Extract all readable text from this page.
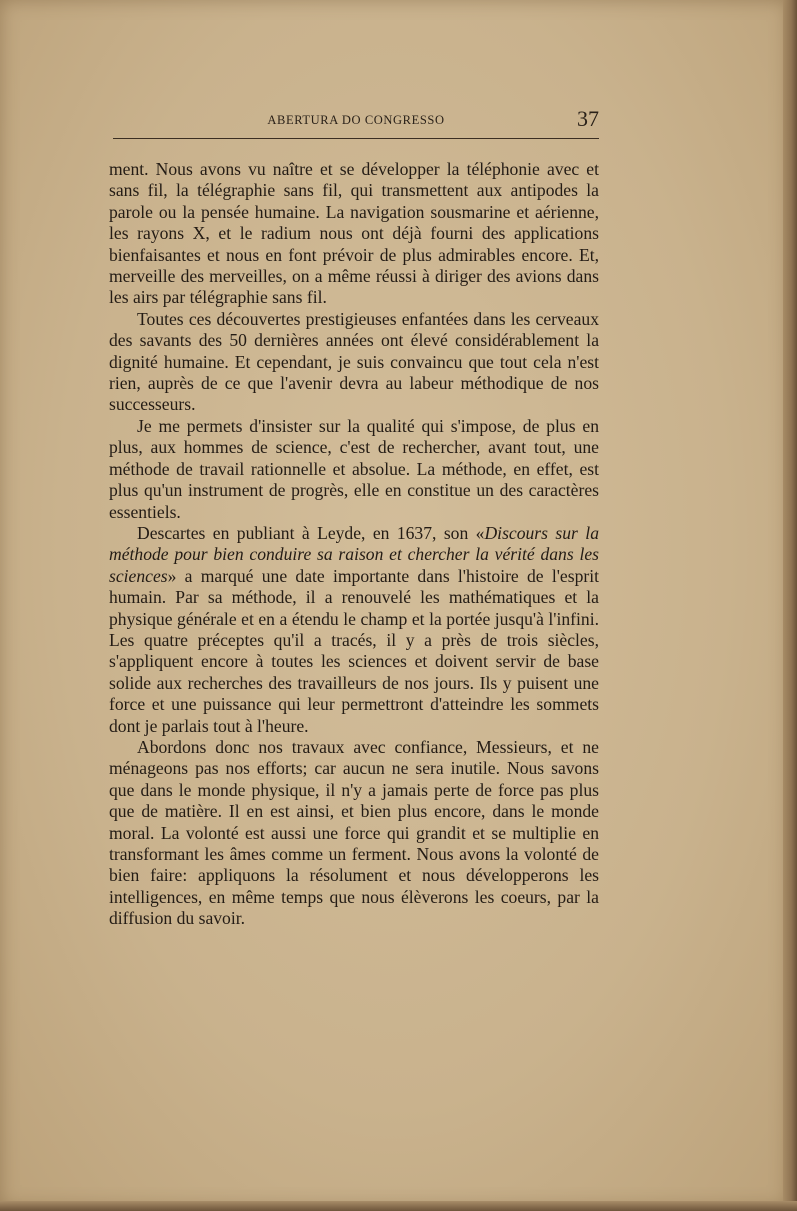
ABERTURA DO CONGRESSO	37

ment. Nous avons vu naître et se développer la téléphonie avec et sans fil, la télégraphie sans fil, qui transmettent aux antipodes la parole ou la pensée humaine. La navigation sousmarine et aérienne, les rayons X, et le radium nous ont déjà fourni des applications bienfaisantes et nous en font prévoir de plus admirables encore. Et, merveille des merveilles, on a même réussi à diriger des avions dans les airs par télégraphie sans fil.

Toutes ces découvertes prestigieuses enfantées dans les cerveaux des savants des 50 dernières années ont élevé considérablement la dignité humaine. Et cependant, je suis convaincu que tout cela n'est rien, auprès de ce que l'avenir devra au labeur méthodique de nos successeurs.

Je me permets d'insister sur la qualité qui s'impose, de plus en plus, aux hommes de science, c'est de rechercher, avant tout, une méthode de travail rationnelle et absolue. La méthode, en effet, est plus qu'un instrument de progrès, elle en constitue un des caractères essentiels.

Descartes en publiant à Leyde, en 1637, son «Discours sur la méthode pour bien conduire sa raison et chercher la vérité dans les sciences» a marqué une date importante dans l'histoire de l'esprit humain. Par sa méthode, il a renouvelé les mathématiques et la physique générale et en a étendu le champ et la portée jusqu'à l'infini. Les quatre préceptes qu'il a tracés, il y a près de trois siècles, s'appliquent encore à toutes les sciences et doivent servir de base solide aux recherches des travailleurs de nos jours. Ils y puisent une force et une puissance qui leur permettront d'atteindre les sommets dont je parlais tout à l'heure.

Abordons donc nos travaux avec confiance, Messieurs, et ne ménageons pas nos efforts; car aucun ne sera inutile. Nous savons que dans le monde physique, il n'y a jamais perte de force pas plus que de matière. Il en est ainsi, et bien plus encore, dans le monde moral. La volonté est aussi une force qui grandit et se multiplie en transformant les âmes comme un ferment. Nous avons la volonté de bien faire: appliquons la résolument et nous développerons les intelligences, en même temps que nous élèverons les coeurs, par la diffusion du savoir.
